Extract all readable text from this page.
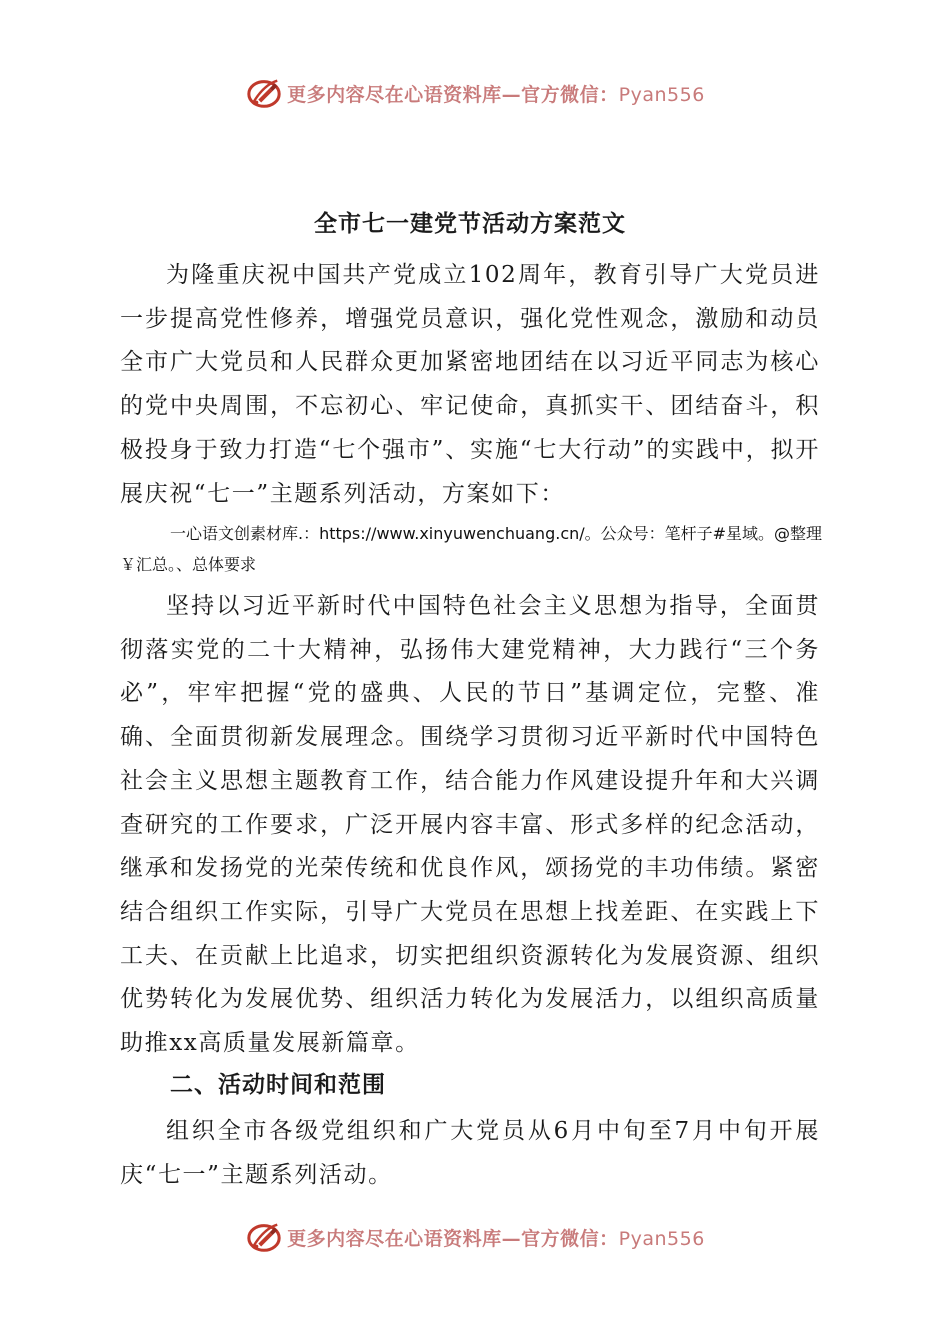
更多内容尽在心语资料库—官方微信：Pyan556
全市七一建党节活动方案范文

为隆重庆祝中国共产党成立102周年，教育引导广大党员进一步提高党性修养，增强党员意识，强化党性观念，激励和动员全市广大党员和人民群众更加紧密地团结在以习近平同志为核心的党中央周围，不忘初心、牢记使命，真抓实干、团结奋斗，积极投身于致力打造“七个强市”、实施“七大行动”的实践中，拟开展庆祝“七一”主题系列活动，方案如下：

一心语文创素材库.：https://www.xinyuwenchuang.cn/。公众号：笔杆子#星域。@整理￥汇总。、总体要求

坚持以习近平新时代中国特色社会主义思想为指导，全面贯彻落实党的二十大精神，弘扬伟大建党精神，大力践行“三个务必”，牢牢把握“党的盛典、人民的节日”基调定位，完整、准确、全面贯彻新发展理念。围绕学习贯彻习近平新时代中国特色社会主义思想主题教育工作，结合能力作风建设提升年和大兴调查研究的工作要求，广泛开展内容丰富、形式多样的纪念活动，继承和发扬党的光荣传统和优良作风，颂扬党的丰功伟绩。紧密结合组织工作实际，引导广大党员在思想上找差距、在实践上下工夫、在贡献上比追求，切实把组织资源转化为发展资源、组织优势转化为发展优势、组织活力转化为发展活力，以组织高质量助推xx高质量发展新篇章。

二、活动时间和范围

组织全市各级党组织和广大党员从6月中旬至7月中旬开展庆“七一”主题系列活动。

更多内容尽在心语资料库—官方微信：Pyan556
